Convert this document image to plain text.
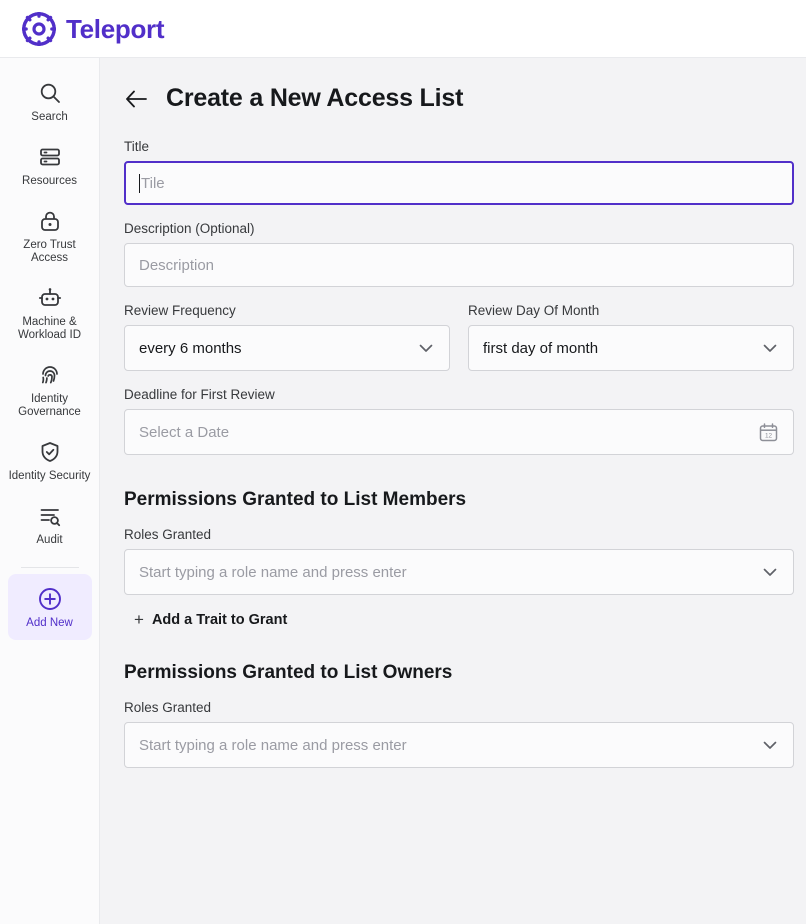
Teleport
Search
Resources
Zero Trust Access
Machine & Workload ID
Identity Governance
Identity Security
Audit
Add New
Create a New Access List
Title
Tile
Description (Optional)
Description
Review Frequency
every 6 months
Review Day Of Month
first day of month
Deadline for First Review
Select a Date	12
Permissions Granted to List Members
Roles Granted
Start typing a role name and press enter
+ Add a Trait to Grant
Permissions Granted to List Owners
Roles Granted
Start typing a role name and press enter
